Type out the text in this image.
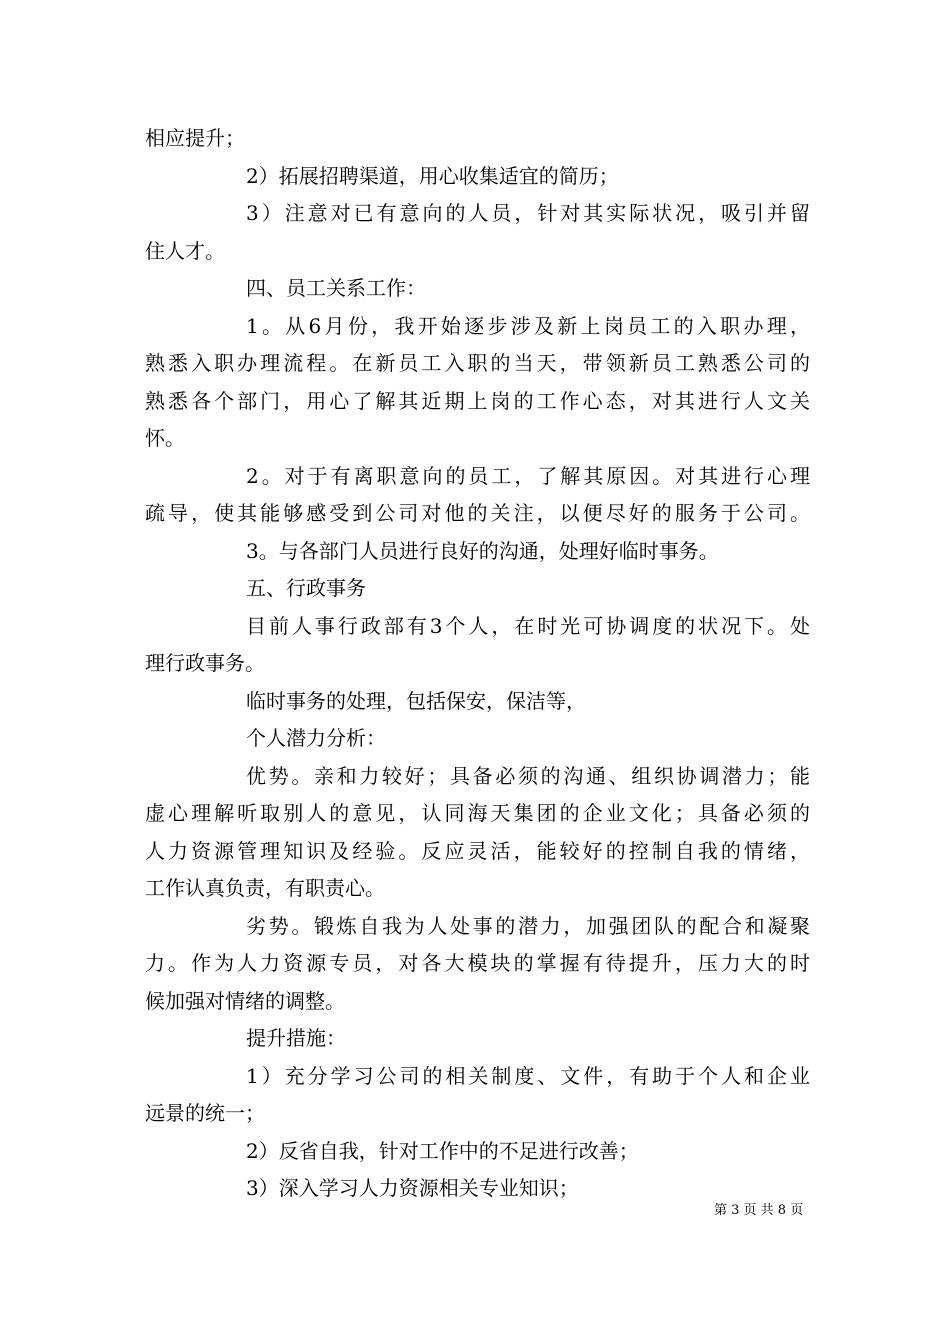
相应提升；
2）拓展招聘渠道，用心收集适宜的简历；
3）注意对已有意向的人员，针对其实际状况，吸引并留
住人才。
四、员工关系工作：
1。从6月份，我开始逐步涉及新上岗员工的入职办理，
熟悉入职办理流程。在新员工入职的当天，带领新员工熟悉公司的
熟悉各个部门，用心了解其近期上岗的工作心态，对其进行人文关
怀。
2。对于有离职意向的员工，了解其原因。对其进行心理
疏导，使其能够感受到公司对他的关注，以便尽好的服务于公司。
3。与各部门人员进行良好的沟通，处理好临时事务。
五、行政事务
目前人事行政部有3个人，在时光可协调度的状况下。处
理行政事务。
临时事务的处理，包括保安，保洁等，
个人潜力分析：
优势。亲和力较好；具备必须的沟通、组织协调潜力；能
虚心理解听取别人的意见，认同海天集团的企业文化；具备必须的
人力资源管理知识及经验。反应灵活，能较好的控制自我的情绪，
工作认真负责，有职责心。
劣势。锻炼自我为人处事的潜力，加强团队的配合和凝聚
力。作为人力资源专员，对各大模块的掌握有待提升，压力大的时
候加强对情绪的调整。
提升措施：
1）充分学习公司的相关制度、文件，有助于个人和企业
远景的统一；
2）反省自我，针对工作中的不足进行改善；
3）深入学习人力资源相关专业知识；
第 3 页 共 8 页
